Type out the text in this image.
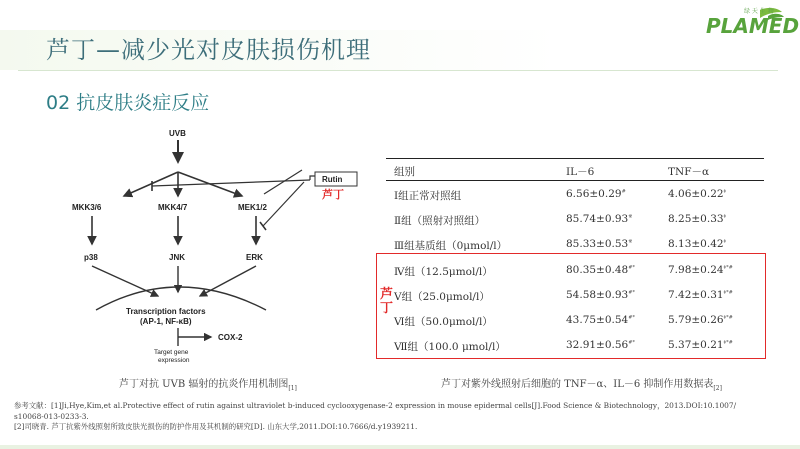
芦丁—减少光对皮肤损伤机理
02 抗皮肤炎症反应
绿 天 生 物
PLAMED
UVB
Rutin
芦丁
MKK3/6	MKK4/7	MEK1/2
p38	JNK	ERK
Transcription factors
(AP-1, NF-κB)
COX-2
Target gene
expression
芦丁对抗 UVB 辐射的抗炎作用机制图$_{[1]}$	芦丁对紫外线照射后细胞的 TNF－α、IL－6 抑制作用数据表$_{[2]}$
组别	IL－6	TNF－α
Ⅰ组正常对照组	6.56±0.29#	4.06±0.22‡
Ⅱ组（照射对照组）	85.74±0.93※	8.25±0.33‡
Ⅲ组基质组（0μmol/l）	85.33±0.53※	8.13±0.42‡
Ⅳ组（12.5μmol/l）	80.35±0.48#*	7.98±0.24‡*#
Ⅴ组（25.0μmol/l）	54.58±0.93#*	7.42±0.31‡*#
Ⅵ组（50.0μmol/l）	43.75±0.54#*	5.79±0.26‡*#
Ⅶ组（100.0 μmol/l）	32.91±0.56#*	5.37±0.21‡*#
芦丁
参考文献：[1]Ji,Hye,Kim,et al.Protective effect of rutin against ultraviolet b-induced cyclooxygenase-2 expression in mouse epidermal cells[J].Food Science & Biotechnology，2013.DOI:10.1007/
s10068-013-0233-3.
[2]司晓青. 芦丁抗紫外线照射所致皮肤光损伤的防护作用及其机制的研究[D]. 山东大学,2011.DOI:10.7666/d.y1939211.
